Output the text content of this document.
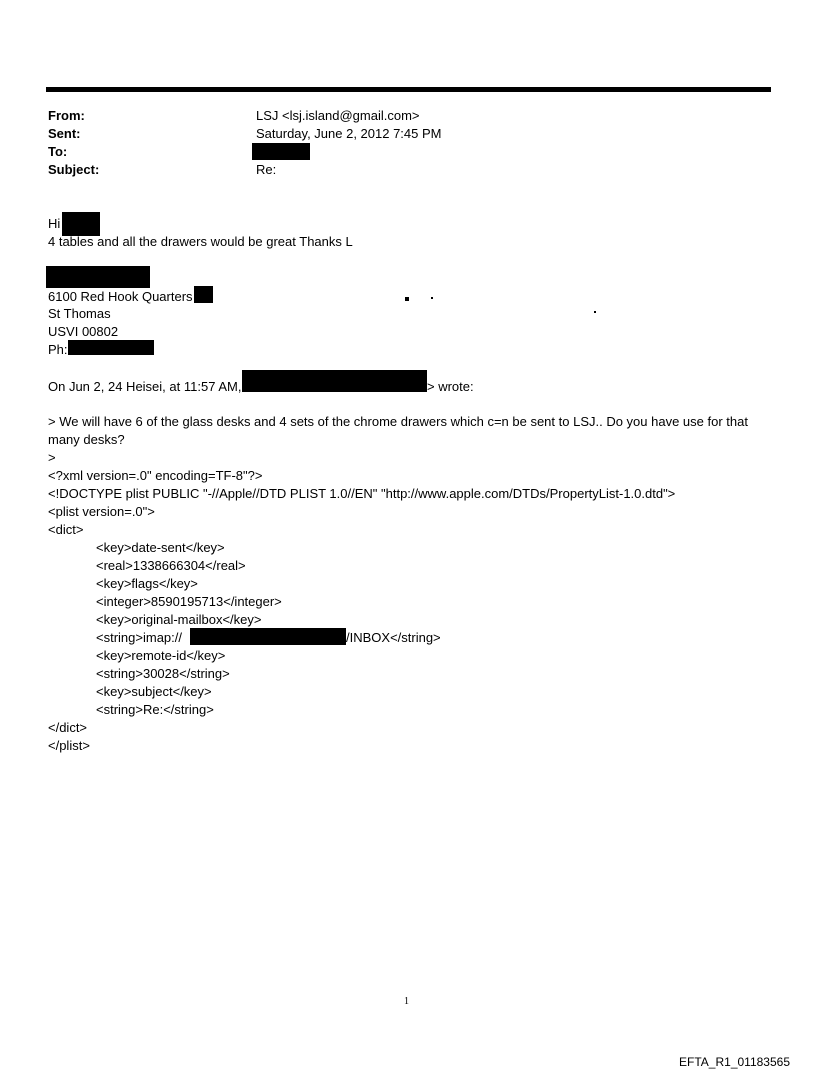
From:	LSJ <lsj.island@gmail.com>
Sent:	Saturday, June 2, 2012 7:45 PM
To:
Subject:	Re:
Hi
4 tables and all the drawers would be great Thanks L
6100 Red Hook Quarters
St Thomas
USVI 00802
Ph:
On Jun 2, 24 Heisei, at 11:57 AM,	> wrote:
> We will have 6 of the glass desks and 4 sets of the chrome drawers which c=n be sent to LSJ.. Do you have use for that
many desks?
>
<?xml version=.0" encoding=TF-8"?>
<!DOCTYPE plist PUBLIC "-//Apple//DTD PLIST 1.0//EN" "http://www.apple.com/DTDs/PropertyList-1.0.dtd">
<plist version=.0">
<dict>
<key>date-sent</key>
<real>1338666304</real>
<key>flags</key>
<integer>8590195713</integer>
<key>original-mailbox</key>
<string>imap://	/INBOX</string>
<key>remote-id</key>
<string>30028</string>
<key>subject</key>
<string>Re:</string>
</dict>
</plist>
1
EFTA_R1_01183565
